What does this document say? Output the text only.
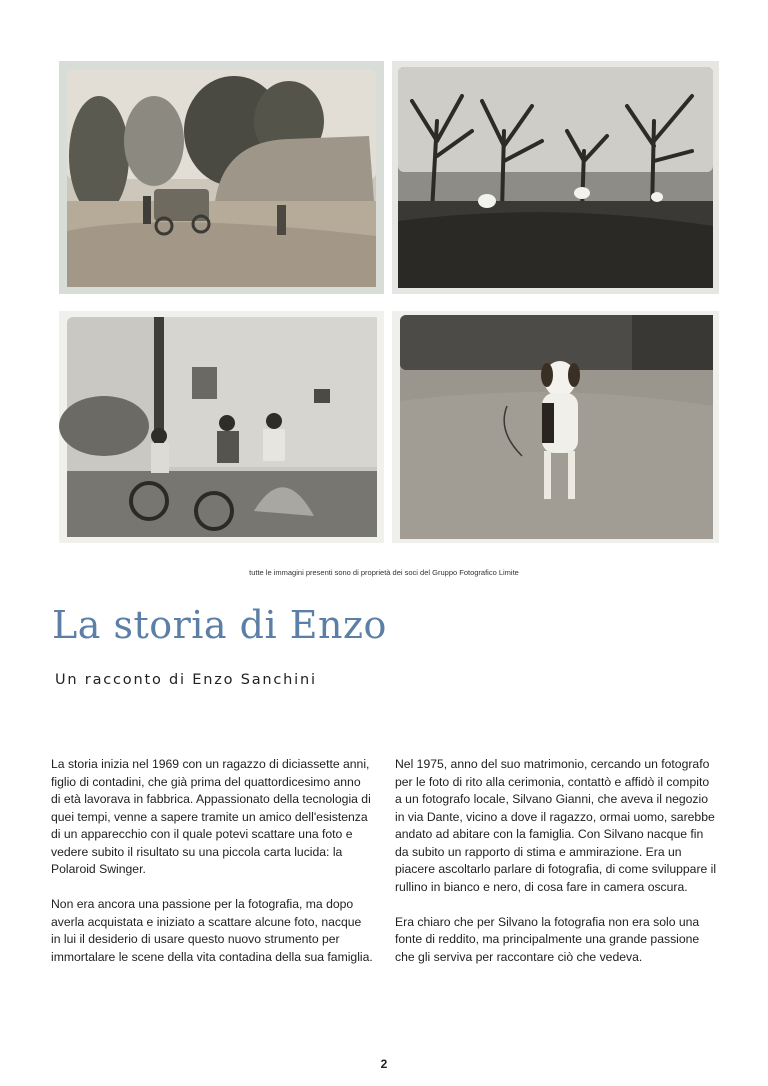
tutte le immagini presenti sono di proprietà dei soci del Gruppo Fotografico Limite
La storia di Enzo
Un racconto di Enzo Sanchini

La storia inizia nel 1969 con un ragazzo di diciassette anni, figlio di contadini, che già prima del quattordicesimo anno di età lavorava in fabbrica. Appassionato della tecnologia di quei tempi, venne a sapere tramite un amico dell'esistenza di un apparecchio con il quale potevi scattare una foto e vedere subito il risultato su una piccola carta lucida: la Polaroid Swinger.

Non era ancora una passione per la fotografia, ma dopo averla acquistata e iniziato a scattare alcune foto, nacque in lui il desiderio di usare questo nuovo strumento per immortalare le scene della vita contadina della sua famiglia.

Nel 1975, anno del suo matrimonio, cercando un fotografo per le foto di rito alla cerimonia, contattò e affidò il compito a un fotografo locale, Silvano Gianni, che aveva il negozio in via Dante, vicino a dove il ragazzo, ormai uomo, sarebbe andato ad abitare con la famiglia. Con Silvano nacque fin da subito un rapporto di stima e ammirazione. Era un piacere ascoltarlo parlare di fotografia, di come sviluppare il rullino in bianco e nero, di cosa fare in camera oscura.

Era chiaro che per Silvano la fotografia non era solo una fonte di reddito, ma principalmente una grande passione che gli serviva per raccontare ciò che vedeva.

2
